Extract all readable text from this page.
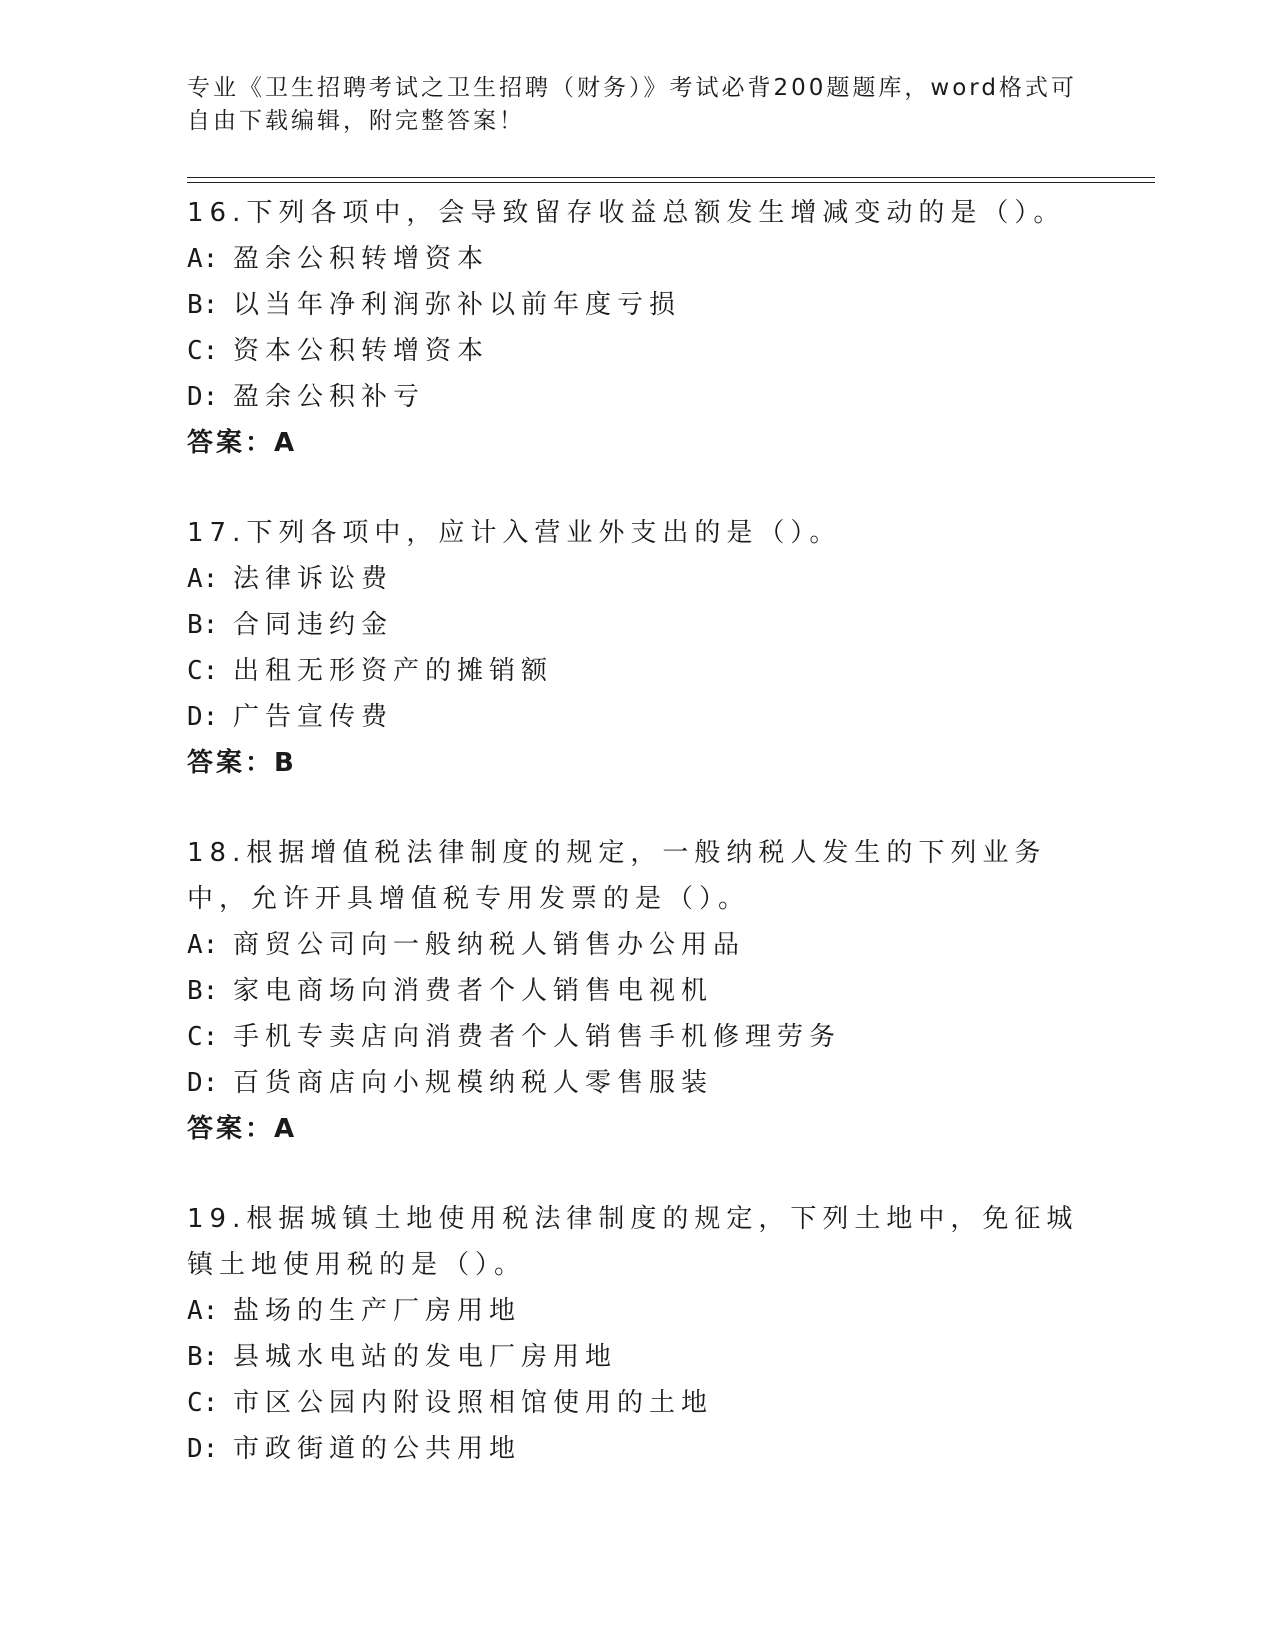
专业《卫生招聘考试之卫生招聘（财务）》考试必背200题题库，word格式可自由下载编辑，附完整答案！

16.下列各项中，会导致留存收益总额发生增减变动的是（）。

A: 盈余公积转增资本
B: 以当年净利润弥补以前年度亏损
C: 资本公积转增资本
D: 盈余公积补亏
答案：A

17.下列各项中，应计入营业外支出的是（）。

A: 法律诉讼费
B: 合同违约金
C: 出租无形资产的摊销额
D: 广告宣传费
答案：B

18.根据增值税法律制度的规定，一般纳税人发生的下列业务中，允许开具增值税专用发票的是（）。

A: 商贸公司向一般纳税人销售办公用品
B: 家电商场向消费者个人销售电视机
C: 手机专卖店向消费者个人销售手机修理劳务
D: 百货商店向小规模纳税人零售服装
答案：A

19.根据城镇土地使用税法律制度的规定，下列土地中，免征城镇土地使用税的是（）。

A: 盐场的生产厂房用地
B: 县城水电站的发电厂房用地
C: 市区公园内附设照相馆使用的土地
D: 市政街道的公共用地
